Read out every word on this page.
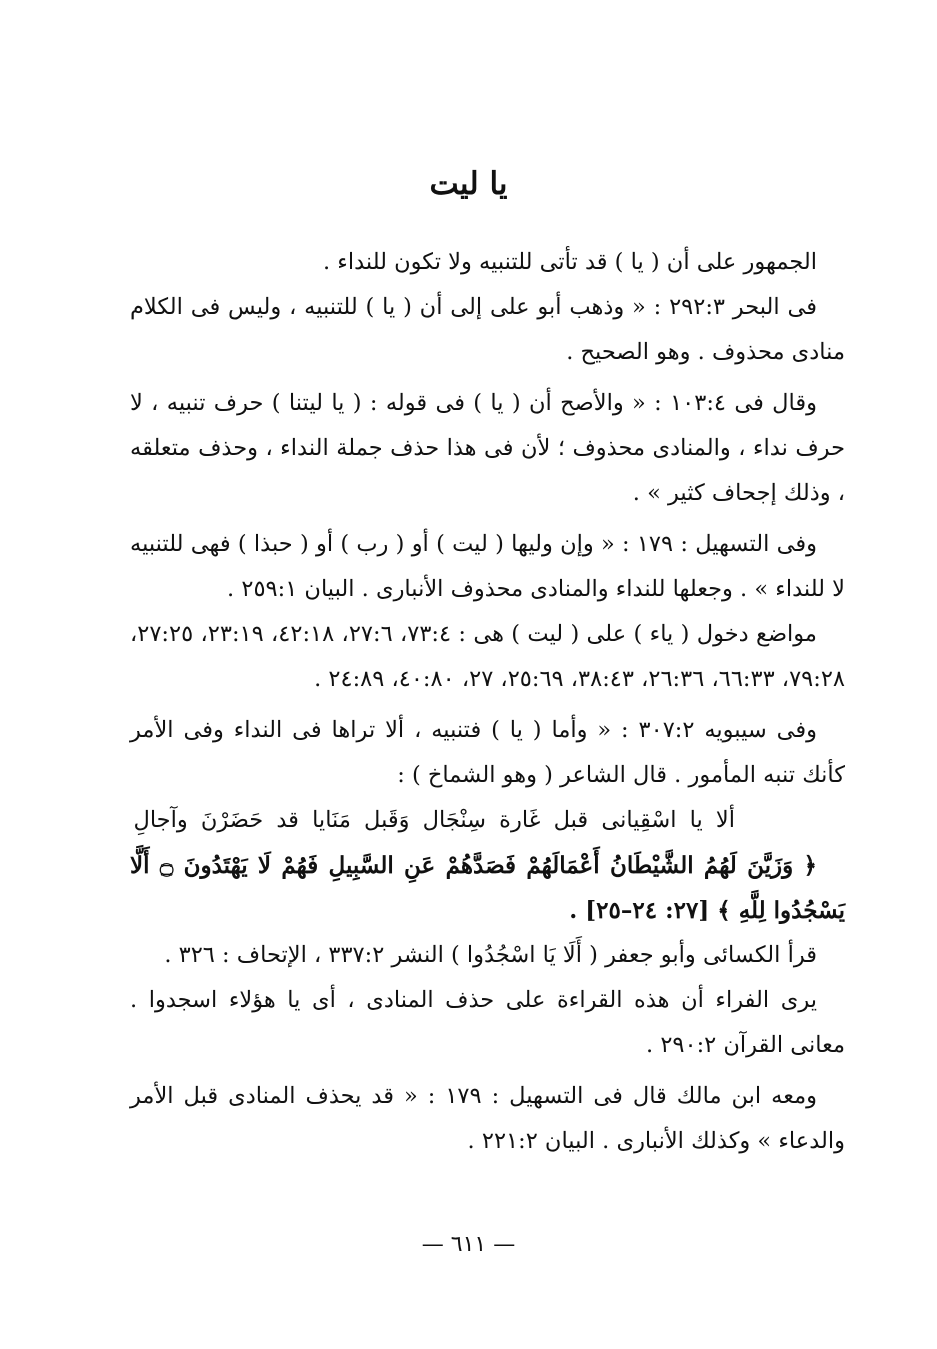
يا ليت

الجمهور على أن ( يا ) قد تأتى للتنبيه ولا تكون للنداء .

فى البحر ٢٩٢:٣ : « وذهب أبو على إلى أن ( يا ) للتنبيه ، وليس فى الكلام منادى محذوف . وهو الصحيح .

وقال فى ١٠٣:٤ : « والأصح أن ( يا ) فى قوله : ( يا ليتنا ) حرف تنبيه ، لا حرف نداء ، والمنادى محذوف ؛ لأن فى هذا حذف جملة النداء ، وحذف متعلقه ، وذلك إجحاف كثير » .

وفى التسهيل : ١٧٩ : « وإن وليها ( ليت ) أو ( رب ) أو ( حبذا ) فهى للتنبيه لا للنداء » . وجعلها للنداء والمنادى محذوف الأنبارى . البيان ٢٥٩:١ .

مواضع دخول ( ياء ) على ( ليت ) هى : ٧٣:٤، ٢٧:٦، ٤٢:١٨، ٢٣:١٩، ٢٧:٢٥، ٧٩:٢٨، ٦٦:٣٣، ٢٦:٣٦، ٣٨:٤٣، ٢٥:٦٩، ٢٧، ٤٠:٨٠، ٢٤:٨٩ .

وفى سيبويه ٣٠٧:٢ : « وأما ( يا ) فتنبيه ، ألا تراها فى النداء وفى الأمر كأنك تنبه المأمور . قال الشاعر ( وهو الشماخ ) :

ألا يا اسْقِيانى قبل غَارة سِنْجَال وَقَبل مَنَايا قد حَضَرْنَ وآجالِ

﴿ وَزَيَّنَ لَهُمُ الشَّيْطَانُ أَعْمَالَهُمْ فَصَدَّهُمْ عَنِ السَّبِيلِ فَهُمْ لَا يَهْتَدُونَ ۝ أَلَّا يَسْجُدُوا لِلَّهِ ﴾ [٢٧: ٢٤–٢٥] .

قرأ الكسائى وأبو جعفر ( أَلَا يَا اسْجُدُوا ) النشر ٣٣٧:٢ ، الإتحاف : ٣٢٦ .

يرى الفراء أن هذه القراءة على حذف المنادى ، أى يا هؤلاء اسجدوا . معانى القرآن ٢٩٠:٢ .

ومعه ابن مالك قال فى التسهيل : ١٧٩ : « قد يحذف المنادى قبل الأمر والدعاء » وكذلك الأنبارى . البيان ٢٢١:٢ .

— ٦١١ —
